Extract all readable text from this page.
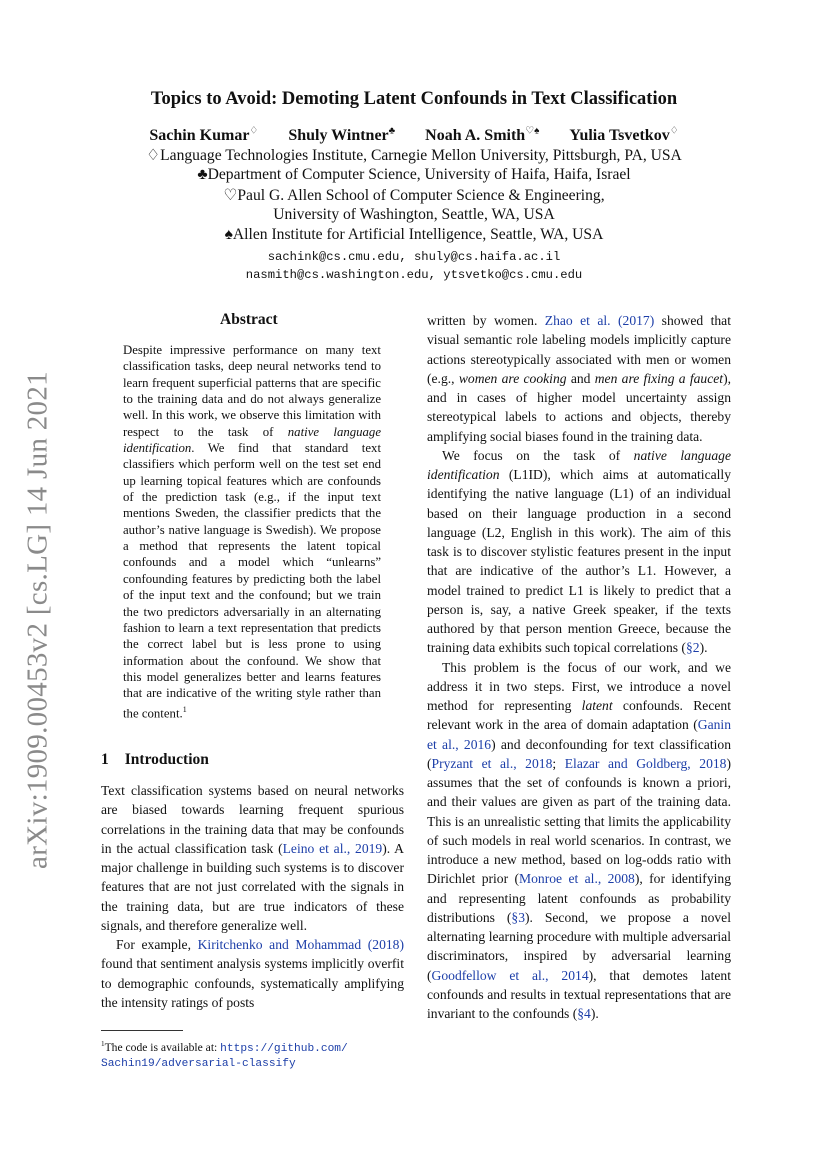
arXiv:1909.00453v2 [cs.LG] 14 Jun 2021
Topics to Avoid: Demoting Latent Confounds in Text Classification
Sachin Kumar♢ Shuly Wintner♣ Noah A. Smith♡♠ Yulia Tsvetkov♢
♢Language Technologies Institute, Carnegie Mellon University, Pittsburgh, PA, USA
♣Department of Computer Science, University of Haifa, Haifa, Israel
♡Paul G. Allen School of Computer Science & Engineering,
University of Washington, Seattle, WA, USA
♠Allen Institute for Artificial Intelligence, Seattle, WA, USA
sachink@cs.cmu.edu, shuly@cs.haifa.ac.il
nasmith@cs.washington.edu, ytsvetko@cs.cmu.edu
Abstract
Despite impressive performance on many text classification tasks, deep neural networks tend to learn frequent superficial patterns that are specific to the training data and do not always generalize well. In this work, we observe this limitation with respect to the task of native language identification. We find that standard text classifiers which perform well on the test set end up learning topical features which are confounds of the prediction task (e.g., if the input text mentions Sweden, the classifier predicts that the author’s native language is Swedish). We propose a method that represents the latent topical confounds and a model which “unlearns” confounding features by predicting both the label of the input text and the confound; but we train the two predictors adversarially in an alternating fashion to learn a text representation that predicts the correct label but is less prone to using information about the confound. We show that this model generalizes better and learns features that are indicative of the writing style rather than the content.$^1$
1 Introduction

Text classification systems based on neural networks are biased towards learning frequent spurious correlations in the training data that may be confounds in the actual classification task (Leino et al., 2019). A major challenge in building such systems is to discover features that are not just correlated with the signals in the training data, but are true indicators of these signals, and therefore generalize well.

For example, Kiritchenko and Mohammad (2018) found that sentiment analysis systems implicitly overfit to demographic confounds, systematically amplifying the intensity ratings of posts

written by women. Zhao et al. (2017) showed that visual semantic role labeling models implicitly capture actions stereotypically associated with men or women (e.g., women are cooking and men are fixing a faucet), and in cases of higher model uncertainty assign stereotypical labels to actions and objects, thereby amplifying social biases found in the training data.

We focus on the task of native language identification (L1ID), which aims at automatically identifying the native language (L1) of an individual based on their language production in a second language (L2, English in this work). The aim of this task is to discover stylistic features present in the input that are indicative of the author’s L1. However, a model trained to predict L1 is likely to predict that a person is, say, a native Greek speaker, if the texts authored by that person mention Greece, because the training data exhibits such topical correlations (§2).

This problem is the focus of our work, and we address it in two steps. First, we introduce a novel method for representing latent confounds. Recent relevant work in the area of domain adaptation (Ganin et al., 2016) and deconfounding for text classification (Pryzant et al., 2018; Elazar and Goldberg, 2018) assumes that the set of confounds is known a priori, and their values are given as part of the training data. This is an unrealistic setting that limits the applicability of such models in real world scenarios. In contrast, we introduce a new method, based on log-odds ratio with Dirichlet prior (Monroe et al., 2008), for identifying and representing latent confounds as probability distributions (§3). Second, we propose a novel alternating learning procedure with multiple adversarial discriminators, inspired by adversarial learning (Goodfellow et al., 2014), that demotes latent confounds and results in textual representations that are invariant to the confounds (§4).

$^1$The code is available at: https://github.com/
Sachin19/adversarial-classify
